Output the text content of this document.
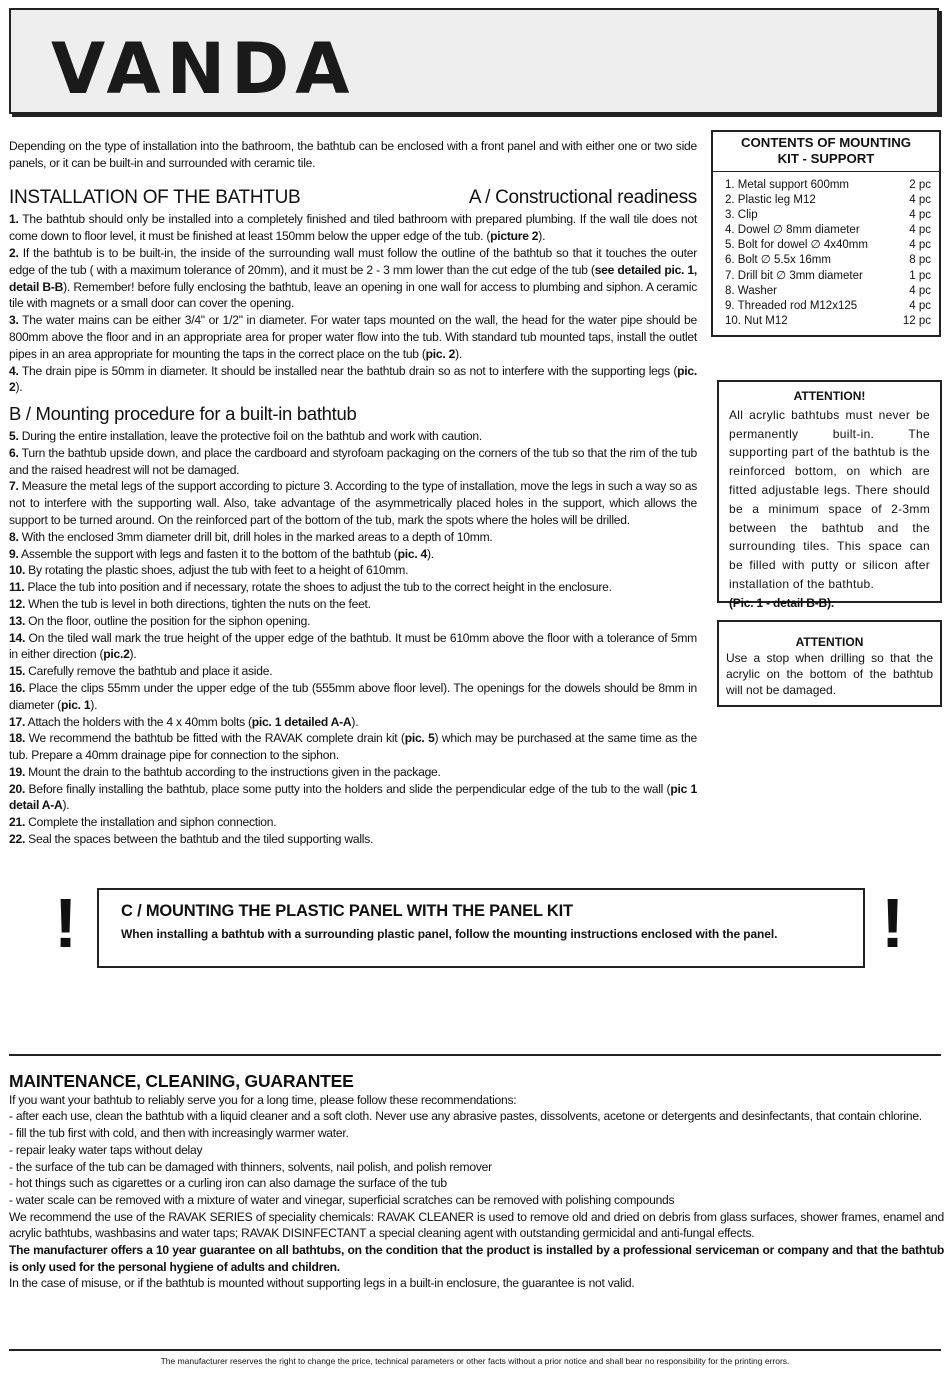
VANDA

Depending on the type of installation into the bathroom, the bathtub can be enclosed with a front panel and with either one or two side panels, or it can be built-in and surrounded with ceramic tile.

INSTALLATION OF THE BATHTUB	A / Constructional readiness

1. The bathtub should only be installed into a completely finished and tiled bathroom with prepared plumbing. If the wall tile does not come down to floor level, it must be finished at least 150mm below the upper edge of the tub. (picture 2).

2. If the bathtub is to be built-in, the inside of the surrounding wall must follow the outline of the bathtub so that it touches the outer edge of the tub ( with a maximum tolerance of 20mm), and it must be 2 - 3 mm lower than the cut edge of the tub (see detailed pic. 1, detail B-B). Remember! before fully enclosing the bathtub, leave an opening in one wall for access to plumbing and siphon. A ceramic tile with magnets or a small door can cover the opening.

3. The water mains can be either 3/4" or 1/2" in diameter. For water taps mounted on the wall, the head for the water pipe should be 800mm above the floor and in an appropriate area for proper water flow into the tub. With standard tub mounted taps, install the outlet pipes in an area appropriate for mounting the taps in the correct place on the tub (pic. 2).

4. The drain pipe is 50mm in diameter. It should be installed near the bathtub drain so as not to interfere with the supporting legs (pic. 2).

B / Mounting procedure for a built-in bathtub

5. During the entire installation, leave the protective foil on the bathtub and work with caution.

6. Turn the bathtub upside down, and place the cardboard and styrofoam packaging on the corners of the tub so that the rim of the tub and the raised headrest will not be damaged.

7. Measure the metal legs of the support according to picture 3. According to the type of installation, move the legs in such a way so as not to interfere with the supporting wall. Also, take advantage of the asymmetrically placed holes in the support, which allows the support to be turned around. On the reinforced part of the bottom of the tub, mark the spots where the holes will be drilled.

8. With the enclosed 3mm diameter drill bit, drill holes in the marked areas to a depth of 10mm.

9. Assemble the support with legs and fasten it to the bottom of the bathtub (pic. 4).

10. By rotating the plastic shoes, adjust the tub with feet to a height of 610mm.

11. Place the tub into position and if necessary, rotate the shoes to adjust the tub to the correct height in the enclosure.

12. When the tub is level in both directions, tighten the nuts on the feet.

13. On the floor, outline the position for the siphon opening.

14. On the tiled wall mark the true height of the upper edge of the bathtub. It must be 610mm above the floor with a tolerance of 5mm in either direction (pic.2).

15. Carefully remove the bathtub and place it aside.

16. Place the clips 55mm under the upper edge of the tub (555mm above floor level). The openings for the dowels should be 8mm in diameter (pic. 1).

17. Attach the holders with the 4 x 40mm bolts (pic. 1 detailed A-A).

18. We recommend the bathtub be fitted with the RAVAK complete drain kit (pic. 5) which may be purchased at the same time as the tub. Prepare a 40mm drainage pipe for connection to the siphon.

19. Mount the drain to the bathtub according to the instructions given in the package.

20. Before finally installing the bathtub, place some putty into the holders and slide the perpendicular edge of the tub to the wall (pic 1 detail A-A).

21. Complete the installation and siphon connection.

22. Seal the spaces between the bathtub and the tiled supporting walls.

CONTENTS OF MOUNTING
KIT - SUPPORT
1. Metal support 600mm	2 pc
2. Plastic leg M12	4 pc
3. Clip	4 pc
4. Dowel ∅ 8mm diameter	4 pc
5. Bolt for dowel ∅ 4x40mm	4 pc
6. Bolt ∅ 5.5x 16mm	8 pc
7. Drill bit ∅ 3mm diameter	1 pc
8. Washer	4 pc
9. Threaded rod M12x125	4 pc
10. Nut M12	12 pc
ATTENTION!

All acrylic bathtubs must never be permanently built-in. The supporting part of the bathtub is the reinforced bottom, on which are fitted adjustable legs. There should be a minimum space of 2-3mm between the bathtub and the surrounding tiles. This space can be filled with putty or silicon after installation of the bathtub.

(Pic. 1 - detail B-B).
ATTENTION

Use a stop when drilling so that the acrylic on the bottom of the bathtub will not be damaged.

!	C / MOUNTING THE PLASTIC PANEL WITH THE PANEL KIT
When installing a bathtub with a surrounding plastic panel, follow the mounting instructions enclosed with the panel.	!
MAINTENANCE, CLEANING, GUARANTEE

If you want your bathtub to reliably serve you for a long time, please follow these recommendations:

- after each use, clean the bathtub with a liquid cleaner and a soft cloth. Never use any abrasive pastes, dissolvents, acetone or detergents and desinfectants, that contain chlorine.

- fill the tub first with cold, and then with increasingly warmer water.

- repair leaky water taps without delay

- the surface of the tub can be damaged with thinners, solvents, nail polish, and polish remover

- hot things such as cigarettes or a curling iron can also damage the surface of the tub

- water scale can be removed with a mixture of water and vinegar, superficial scratches can be removed with polishing compounds

We recommend the use of the RAVAK SERIES of speciality chemicals: RAVAK CLEANER is used to remove old and dried on debris from glass surfaces, shower frames, enamel and acrylic bathtubs, washbasins and water taps; RAVAK DISINFECTANT a special cleaning agent with outstanding germicidal and anti-fungal effects.

The manufacturer offers a 10 year guarantee on all bathtubs, on the condition that the product is installed by a professional serviceman or company and that the bathtub is only used for the personal hygiene of adults and children.

In the case of misuse, or if the bathtub is mounted without supporting legs in a built-in enclosure, the guarantee is not valid.

The manufacturer reserves the right to change the price, technical parameters or other facts without a prior notice and shall bear no responsibility for the printing errors.
